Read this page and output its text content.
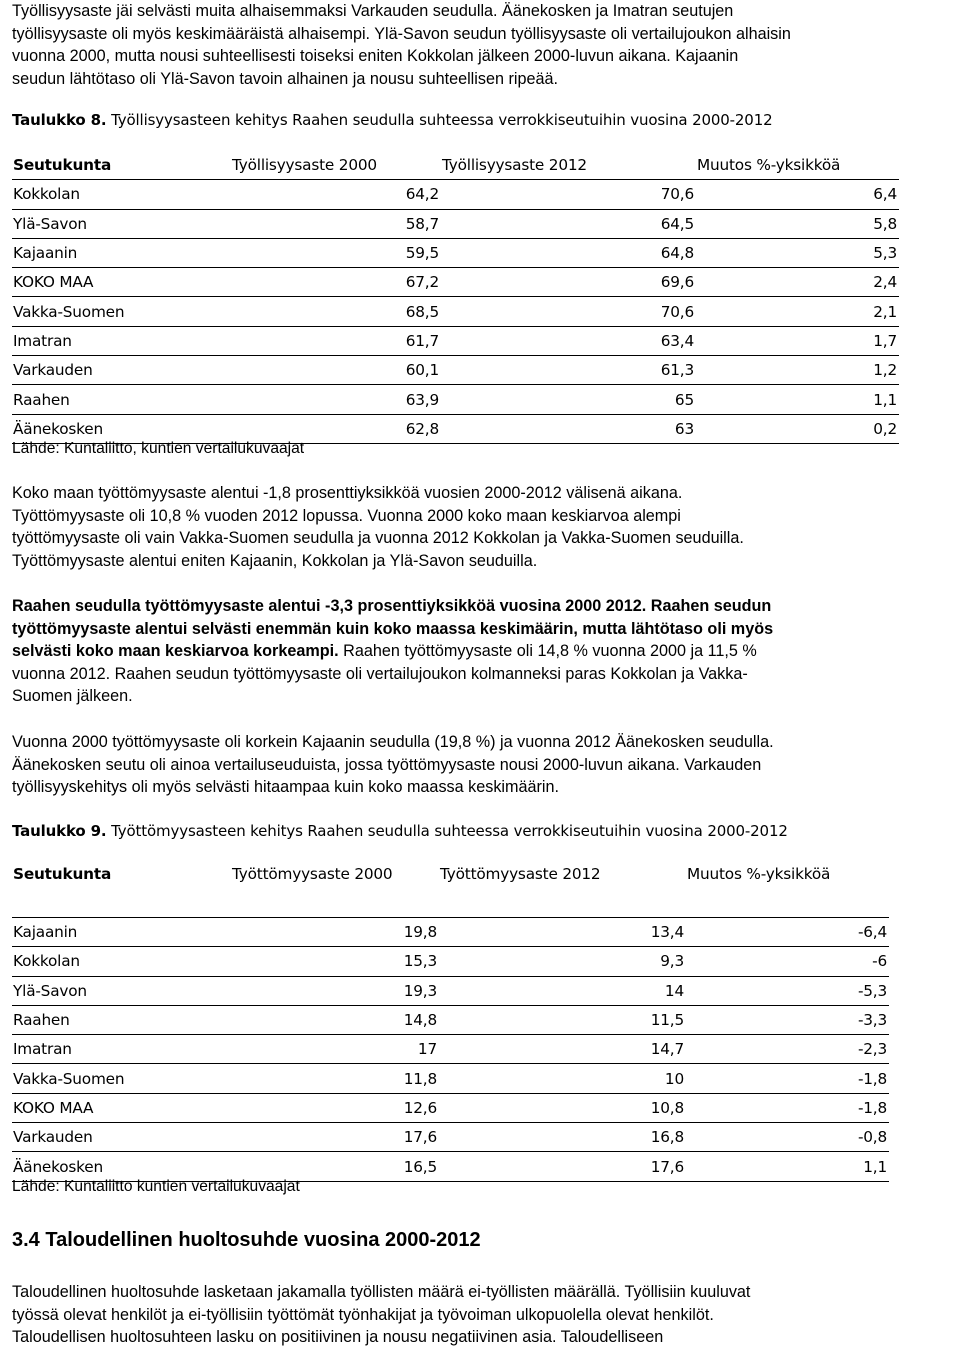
Työllisyysaste jäi selvästi muita alhaisemmaksi Varkauden seudulla. Äänekosken ja Imatran seutujen

työllisyysaste oli myös keskimääräistä alhaisempi. Ylä-Savon seudun työllisyysaste oli vertailujoukon alhaisin

vuonna 2000, mutta nousi suhteellisesti toiseksi eniten Kokkolan jälkeen 2000-luvun aikana. Kajaanin

seudun lähtötaso oli Ylä-Savon tavoin alhainen ja nousu suhteellisen ripeää.

Taulukko 8. Työllisyysasteen kehitys Raahen seudulla suhteessa verrokkiseutuihin vuosina 2000-2012
Seutukunta	Työllisyysaste 2000	Työllisyysaste 2012	Muutos %-yksikköä
Kokkolan	64,2	70,6	6,4
Ylä-Savon	58,7	64,5	5,8
Kajaanin	59,5	64,8	5,3
KOKO MAA	67,2	69,6	2,4
Vakka-Suomen	68,5	70,6	2,1
Imatran	61,7	63,4	1,7
Varkauden	60,1	61,3	1,2
Raahen	63,9	65	1,1
Äänekosken	62,8	63	0,2
Lähde: Kuntaliitto, kuntien vertailukuvaajat

Koko maan työttömyysaste alentui -1,8 prosenttiyksikköä vuosien 2000-2012 välisenä aikana.

Työttömyysaste oli 10,8 % vuoden 2012 lopussa. Vuonna 2000 koko maan keskiarvoa alempi

työttömyysaste oli vain Vakka-Suomen seudulla ja vuonna 2012 Kokkolan ja Vakka-Suomen seuduilla.

Työttömyysaste alentui eniten Kajaanin, Kokkolan ja Ylä-Savon seuduilla.

Raahen seudulla työttömyysaste alentui -3,3 prosenttiyksikköä vuosina 2000 2012. Raahen seudun

työttömyysaste alentui selvästi enemmän kuin koko maassa keskimäärin, mutta lähtötaso oli myös

selvästi koko maan keskiarvoa korkeampi. Raahen työttömyysaste oli 14,8 % vuonna 2000 ja 11,5 %

vuonna 2012. Raahen seudun työttömyysaste oli vertailujoukon kolmanneksi paras Kokkolan ja Vakka-

Suomen jälkeen.

Vuonna 2000 työttömyysaste oli korkein Kajaanin seudulla (19,8 %) ja vuonna 2012 Äänekosken seudulla.

Äänekosken seutu oli ainoa vertailuseuduista, jossa työttömyysaste nousi 2000-luvun aikana. Varkauden

työllisyyskehitys oli myös selvästi hitaampaa kuin koko maassa keskimäärin.

Taulukko 9. Työttömyysasteen kehitys Raahen seudulla suhteessa verrokkiseutuihin vuosina 2000-2012
Seutukunta	Työttömyysaste 2000	Työttömyysaste 2012	Muutos %-yksikköä
Kajaanin	19,8	13,4	-6,4
Kokkolan	15,3	9,3	-6
Ylä-Savon	19,3	14	-5,3
Raahen	14,8	11,5	-3,3
Imatran	17	14,7	-2,3
Vakka-Suomen	11,8	10	-1,8
KOKO MAA	12,6	10,8	-1,8
Varkauden	17,6	16,8	-0,8
Äänekosken	16,5	17,6	1,1
Lähde: Kuntaliitto kuntien vertailukuvaajat
3.4 Taloudellinen huoltosuhde vuosina 2000-2012

Taloudellinen huoltosuhde lasketaan jakamalla työllisten määrä ei-työllisten määrällä. Työllisiin kuuluvat

työssä olevat henkilöt ja ei-työllisiin työttömät työnhakijat ja työvoiman ulkopuolella olevat henkilöt.

Taloudellisen huoltosuhteen lasku on positiivinen ja nousu negatiivinen asia. Taloudelliseen
